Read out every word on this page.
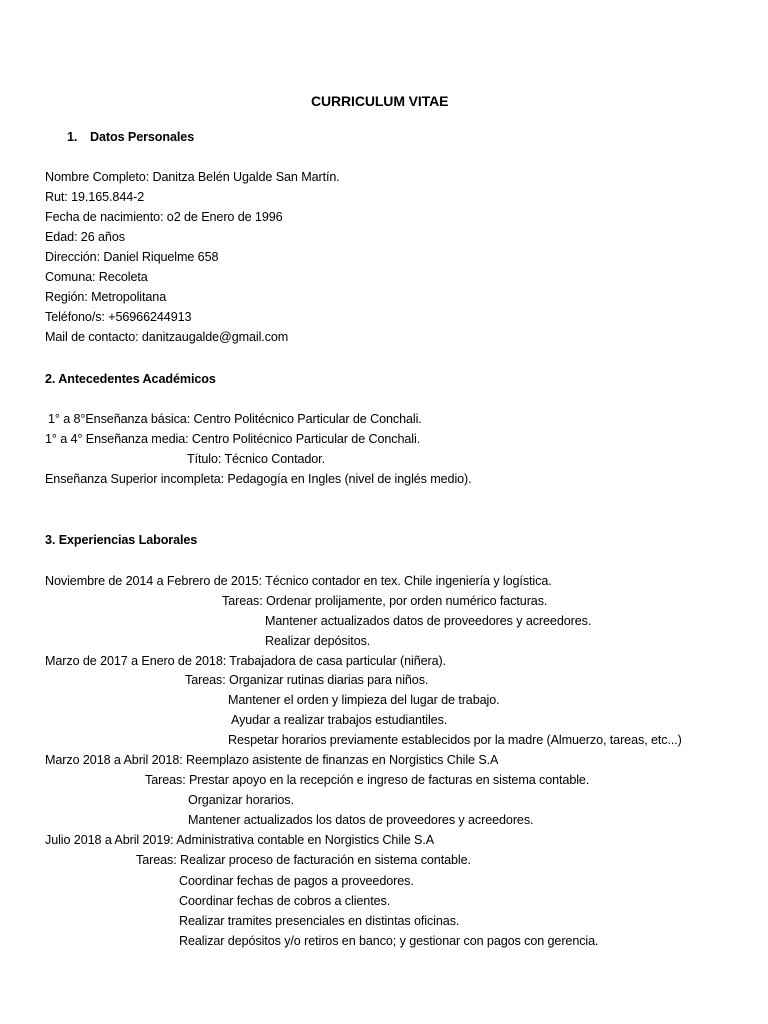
CURRICULUM VITAE
1. Datos Personales
Nombre Completo: Danitza Belén Ugalde San Martín.
Rut: 19.165.844-2
Fecha de nacimiento: o2 de Enero de 1996
Edad: 26 años
Dirección: Daniel Riquelme 658
Comuna: Recoleta
Región: Metropolitana
Teléfono/s: +56966244913
Mail de contacto: danitzaugalde@gmail.com
2. Antecedentes Académicos
1° a 8°Enseñanza básica: Centro Politécnico Particular de Conchali.
1° a 4° Enseñanza media: Centro Politécnico Particular de Conchali.
Título: Técnico Contador.
Enseñanza Superior incompleta: Pedagogía en Ingles (nivel de inglés medio).
3. Experiencias Laborales
Noviembre de 2014 a Febrero de 2015: Técnico contador en tex. Chile ingeniería y logística.
Tareas: Ordenar prolijamente, por orden numérico facturas.
Mantener actualizados datos de proveedores y acreedores.
Realizar depósitos.
Marzo de 2017 a Enero de 2018: Trabajadora de casa particular (niñera).
Tareas: Organizar rutinas diarias para niños.
Mantener el orden y limpieza del lugar de trabajo.
Ayudar a realizar trabajos estudiantiles.
Respetar horarios previamente establecidos por la madre (Almuerzo, tareas, etc...)
Marzo 2018 a Abril 2018: Reemplazo asistente de finanzas en Norgistics Chile S.A
Tareas: Prestar apoyo en la recepción e ingreso de facturas en sistema contable.
Organizar horarios.
Mantener actualizados los datos de proveedores y acreedores.
Julio 2018 a Abril 2019: Administrativa contable en Norgistics Chile S.A
Tareas: Realizar proceso de facturación en sistema contable.
Coordinar fechas de pagos a proveedores.
Coordinar fechas de cobros a clientes.
Realizar tramites presenciales en distintas oficinas.
Realizar depósitos y/o retiros en banco; y gestionar con pagos con gerencia.
